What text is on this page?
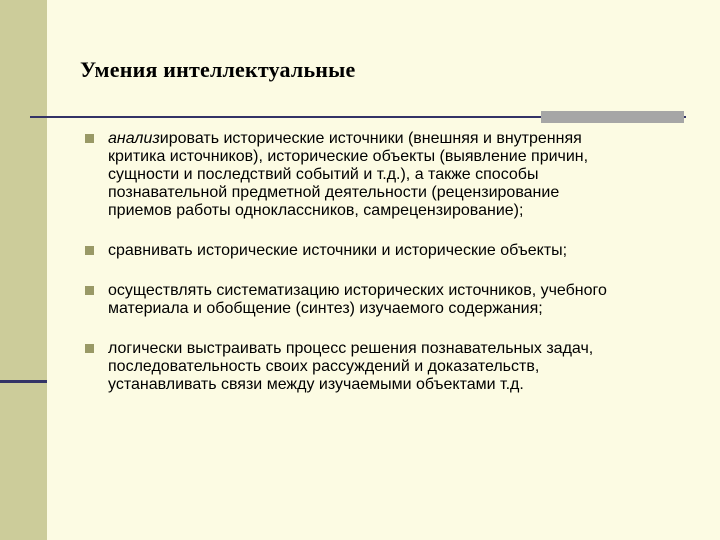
Умения интеллектуальные
анализировать исторические источники (внешняя и внутренняя
критика источников), исторические объекты (выявление причин,
сущности и последствий событий и т.д.), а также способы
познавательной предметной деятельности (рецензирование
приемов работы одноклассников, самрецензирование);
сравнивать исторические источники и исторические объекты;
осуществлять систематизацию исторических источников, учебного
материала и обобщение (синтез) изучаемого содержания;
логически выстраивать процесс решения познавательных задач,
последовательность своих рассуждений и доказательств,
устанавливать связи между изучаемыми объектами т.д.
